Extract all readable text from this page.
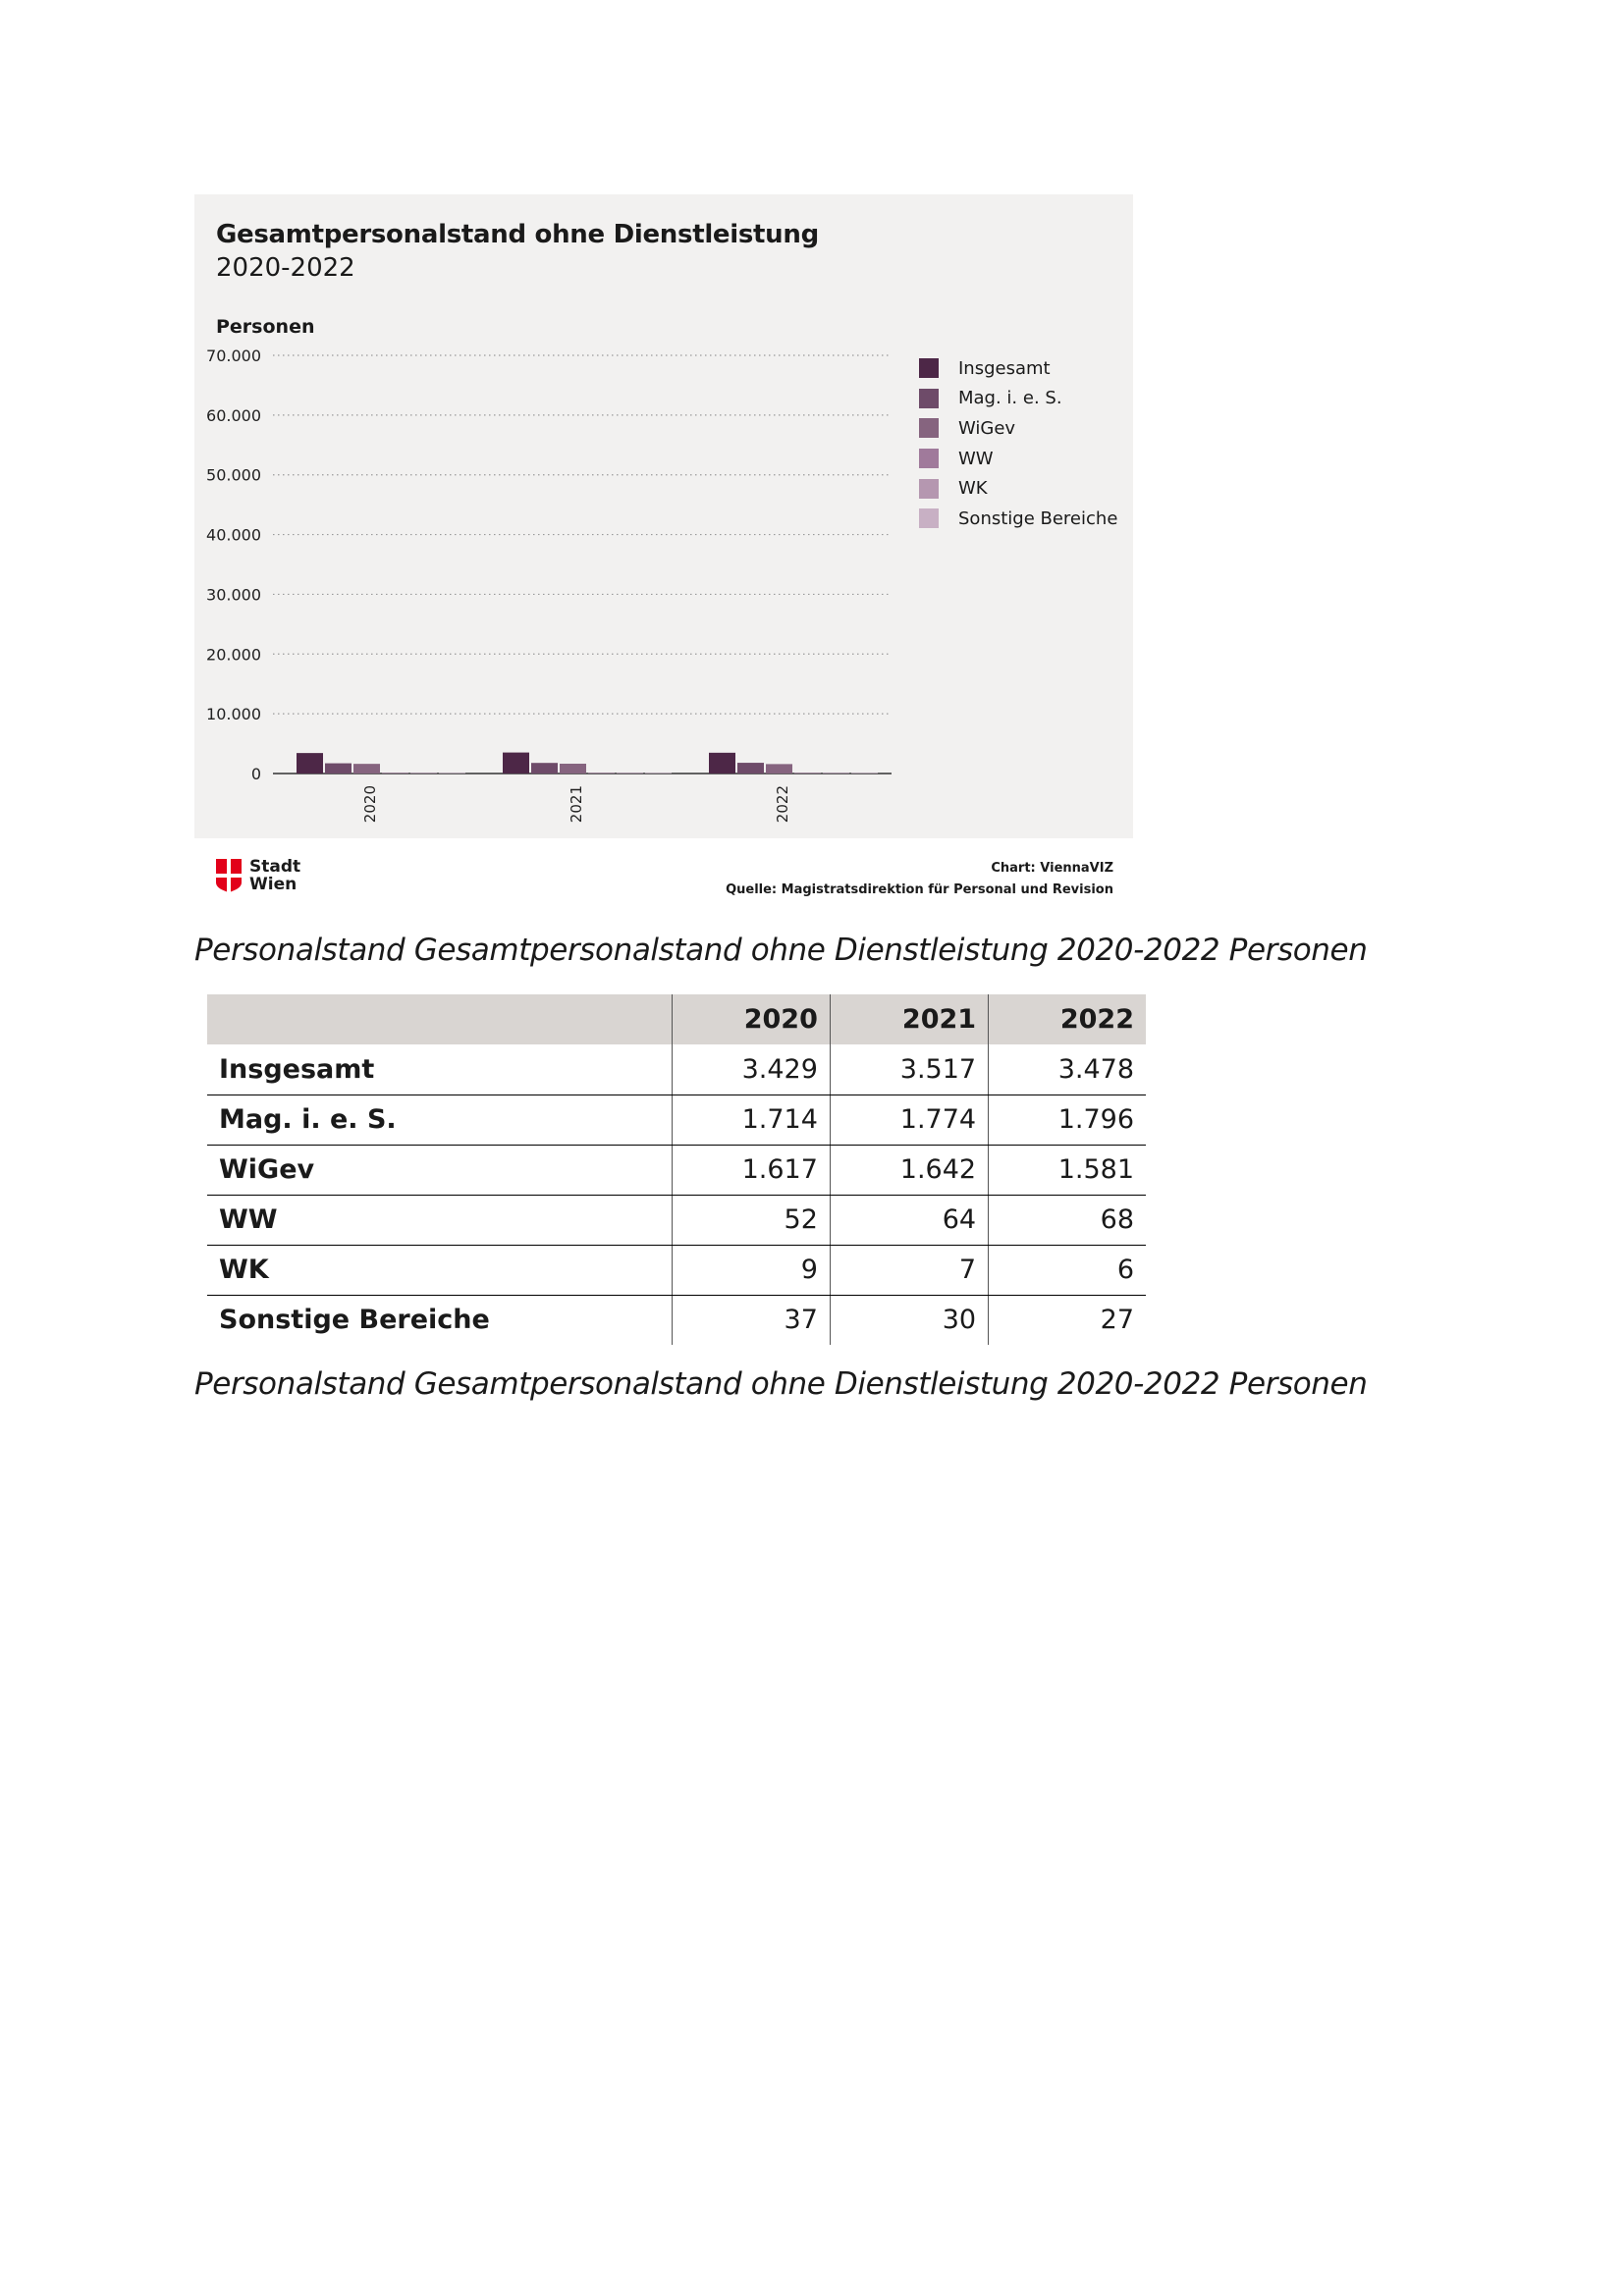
Gesamtpersonalstand ohne Dienstleistung
2020-2022
Personen
0
10.000
20.000
30.000
40.000
50.000
60.000
70.000
2020	2021	2022
Insgesamt
Mag. i. e. S.
WiGev
WW
WK
Sonstige Bereiche
Stadt
Wien
Chart: ViennaVIZ
Quelle: Magistratsdirektion für Personal und Revision
Personalstand Gesamtpersonalstand ohne Dienstleistung 2020-2022 Personen
	2020	2021	2022
Insgesamt	3.429	3.517	3.478
Mag. i. e. S.	1.714	1.774	1.796
WiGev	1.617	1.642	1.581
WW	52	64	68
WK	9	7	6
Sonstige Bereiche	37	30	27
Personalstand Gesamtpersonalstand ohne Dienstleistung 2020-2022 Personen
